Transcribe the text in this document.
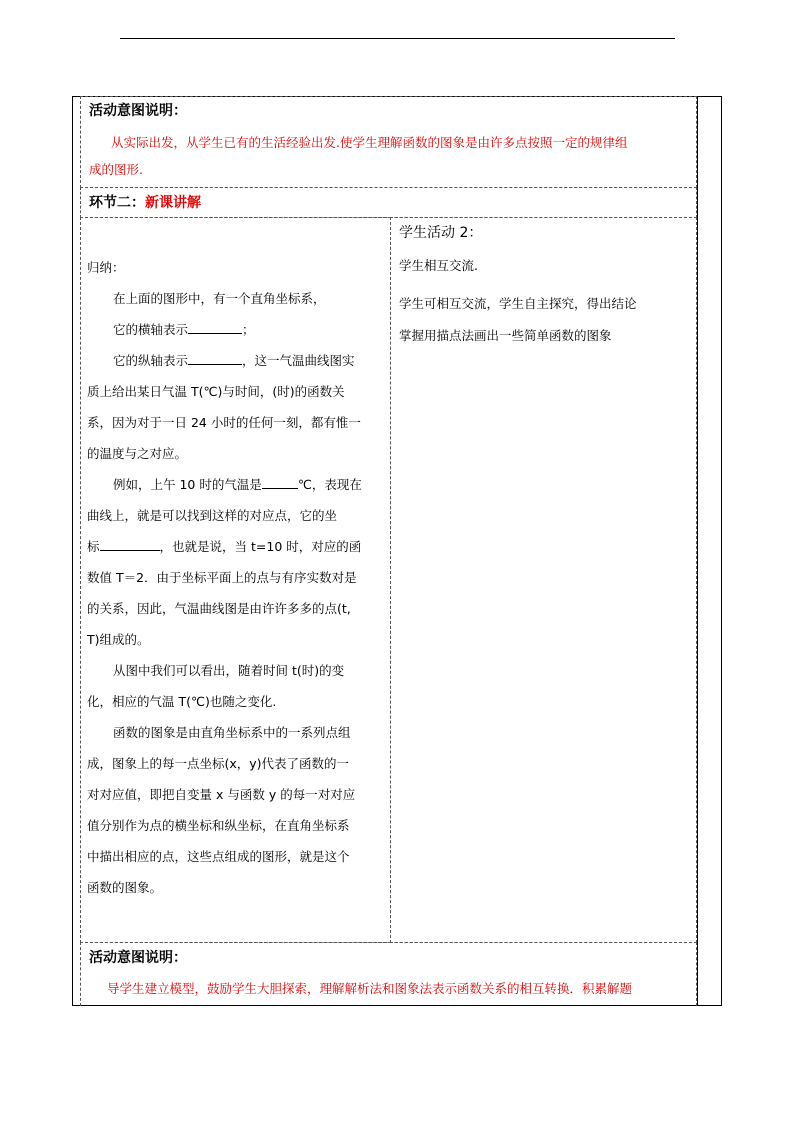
活动意图说明：
从实际出发，从学生已有的生活经验出发.使学生理解函数的图象是由许多点按照一定的规律组
成的图形.
环节二：新课讲解
归纳：
在上面的图形中，有一个直角坐标系，
它的横轴表示	；
它的纵轴表示	，这一气温曲线图实
质上给出某日气温 T(℃)与时间，(时)的函数关
系，因为对于一日 24 小时的任何一刻，都有惟一
的温度与之对应。
例如，上午 10 时的气温是	℃，表现在
曲线上，就是可以找到这样的对应点，它的坐
标	，也就是说，当 t=10 时，对应的函
数值 T＝2．由于坐标平面上的点与有序实数对是
的关系，因此，气温曲线图是由许许多多的点(t,
T)组成的。
从图中我们可以看出，随着时间 t(时)的变
化，相应的气温 T(℃)也随之变化.
函数的图象是由直角坐标系中的一系列点组
成，图象上的每一点坐标(x，y)代表了函数的一
对对应值，即把自变量 x 与函数 y 的每一对对应
值分别作为点的横坐标和纵坐标，在直角坐标系
中描出相应的点，这些点组成的图形，就是这个
函数的图象。
学生活动 2：
学生相互交流.
学生可相互交流，学生自主探究，得出结论
掌握用描点法画出一些简单函数的图象
活动意图说明：
导学生建立模型，鼓励学生大胆探索，理解解析法和图象法表示函数关系的相互转换．积累解题
